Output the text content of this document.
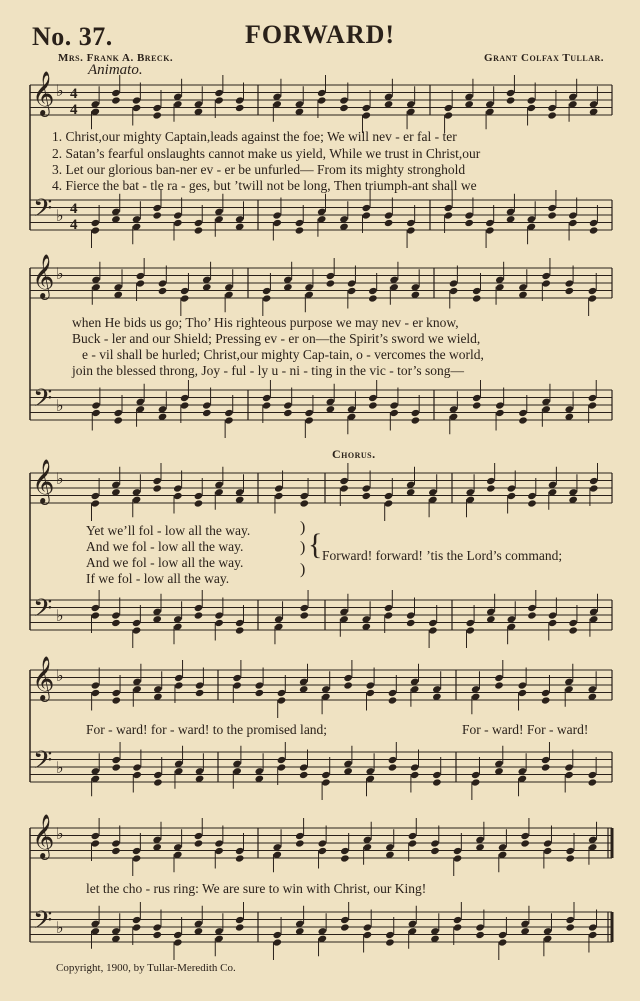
No. 37.	FORWARD!
Mrs. Frank A. Breck.	Grant Colfax Tullar.
Animato.
𝄞
𝄢
♭
♭
4
4
4
4
𝄞
𝄢
♭
♭
𝄞
𝄢
♭
♭
𝄞
𝄢
♭
♭
𝄞
𝄢
♭
♭
1. Christ,our mighty Captain,leads against the foe; We will nev - er fal - ter
2. Satan’s fearful onslaughts cannot make us yield, While we trust in Christ,our
3. Let our glorious ban-ner ev - er be unfurled— From its mighty stronghold
4. Fierce the bat - tle ra - ges, but ’twill not be long, Then triumph-ant shall we
when He bids us go; Tho’ His righteous purpose we may nev - er know,
Buck - ler and our Shield; Pressing ev - er on—the Spirit’s sword we wield,
e - vil shall be hurled; Christ,our mighty Cap-tain, o - vercomes the world,
join the blessed throng, Joy - ful - ly u - ni - ting in the vic - tor’s song—
Chorus.
Yet we’ll fol - low all the way.
And we fol - low all the way.
And we fol - low all the way.
If we fol - low all the way.
)
)
)
{ Forward! forward! ’tis the Lord’s command;
For - ward! for - ward! to the promised land;	For - ward! For - ward!
let the cho - rus ring: We are sure to win with Christ, our King!
Copyright, 1900, by Tullar-Meredith Co.
